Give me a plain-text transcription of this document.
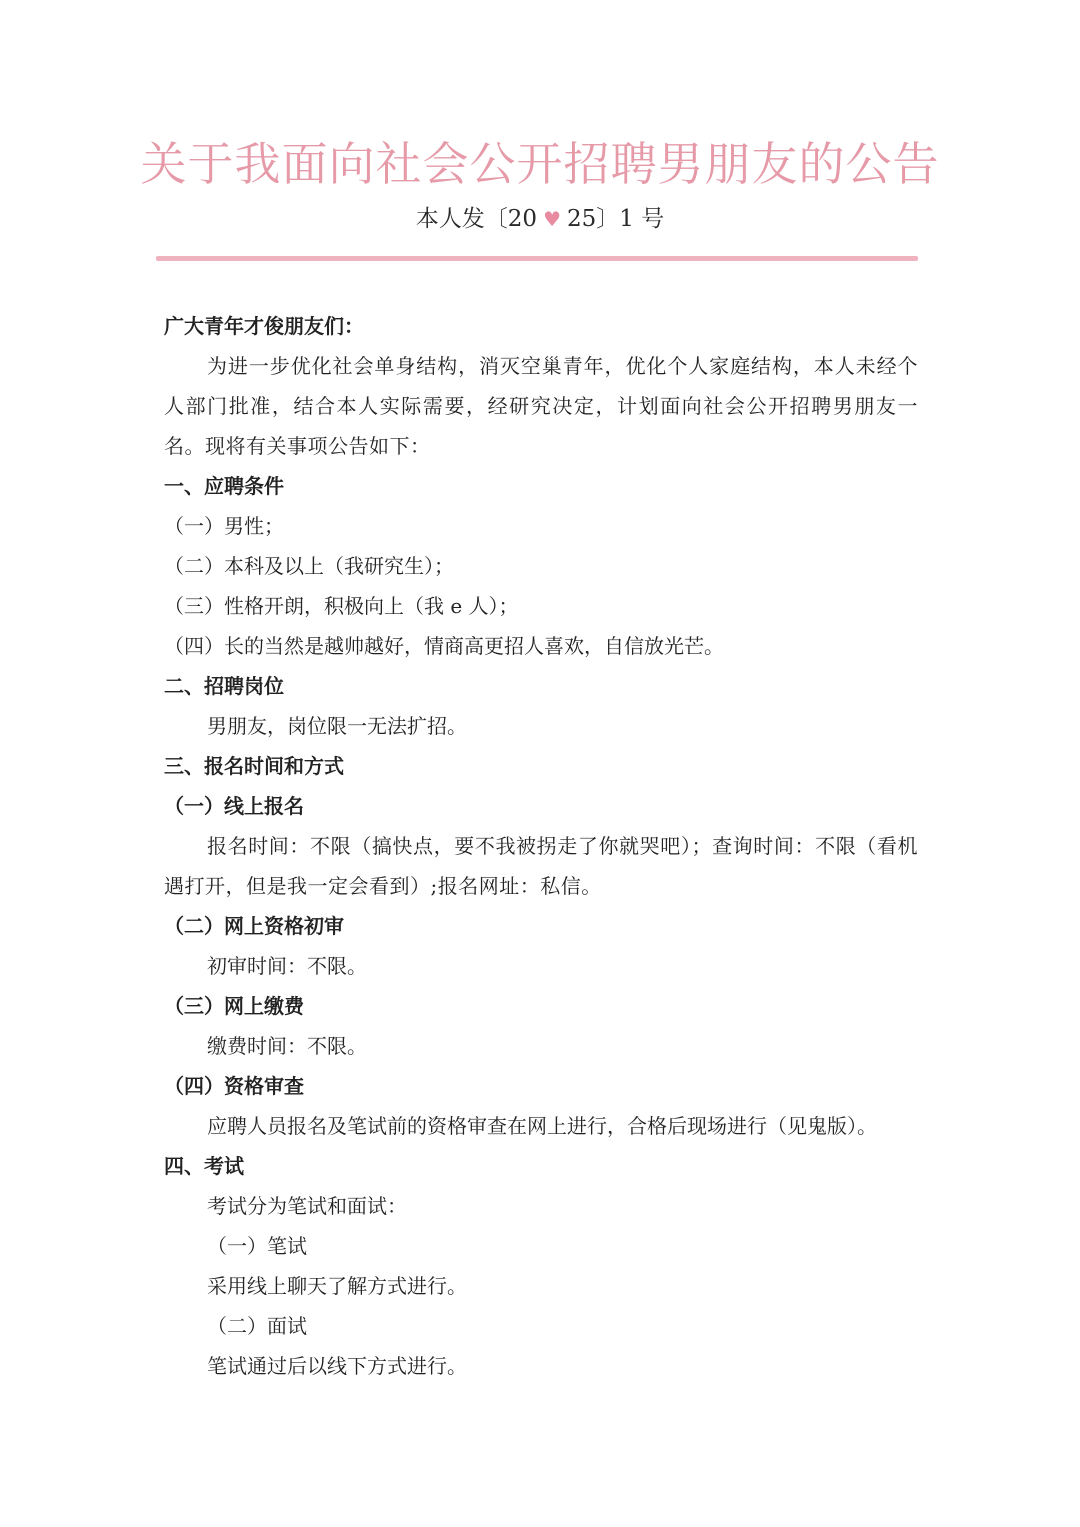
关于我面向社会公开招聘男朋友的公告
本人发〔20 ♥ 25〕1 号
广大青年才俊朋友们：
为进一步优化社会单身结构，消灭空巢青年，优化个人家庭结构，本人未经个人部门批准，结合本人实际需要，经研究决定，计划面向社会公开招聘男朋友一名。现将有关事项公告如下：
一、应聘条件
（一）男性；
（二）本科及以上（我研究生）；
（三）性格开朗，积极向上（我 e 人）；
（四）长的当然是越帅越好，情商高更招人喜欢，自信放光芒。
二、招聘岗位
男朋友，岗位限一无法扩招。
三、报名时间和方式
（一）线上报名
报名时间：不限（搞快点，要不我被拐走了你就哭吧）；查询时间：不限（看机遇打开，但是我一定会看到）;报名网址：私信。
（二）网上资格初审
初审时间：不限。
（三）网上缴费
缴费时间：不限。
（四）资格审查
应聘人员报名及笔试前的资格审查在网上进行，合格后现场进行（见鬼版）。
四、考试
考试分为笔试和面试：
（一）笔试
采用线上聊天了解方式进行。
（二）面试
笔试通过后以线下方式进行。
